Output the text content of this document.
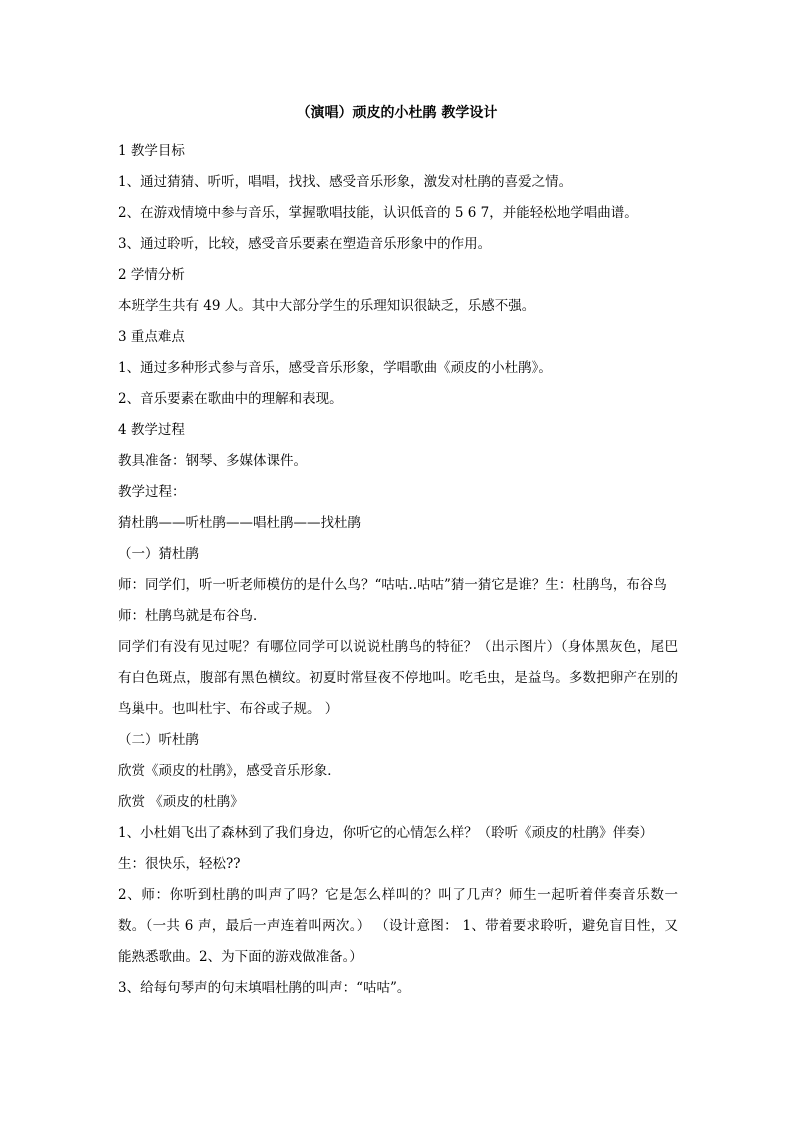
（演唱）顽皮的小杜鹃 教学设计

1 教学目标

1、通过猜猜、听听，唱唱，找找、感受音乐形象，激发对杜鹃的喜爱之情。

2、在游戏情境中参与音乐，掌握歌唱技能，认识低音的 5 6 7，并能轻松地学唱曲谱。

3、通过聆听，比较，感受音乐要素在塑造音乐形象中的作用。

2 学情分析

本班学生共有 49 人。其中大部分学生的乐理知识很缺乏，乐感不强。

3 重点难点

1、通过多种形式参与音乐，感受音乐形象，学唱歌曲《顽皮的小杜鹃》。

2、音乐要素在歌曲中的理解和表现。

4 教学过程

教具准备：钢琴、多媒体课件。

教学过程：

猜杜鹃——听杜鹃——唱杜鹃——找杜鹃

（一）猜杜鹃

师：同学们，听一听老师模仿的是什么鸟？“咕咕..咕咕”猜一猜它是谁？生：杜鹃鸟，布谷鸟

师：杜鹃鸟就是布谷鸟．

同学们有没有见过呢？有哪位同学可以说说杜鹃鸟的特征？（出示图片）（身体黑灰色，尾巴有白色斑点，腹部有黑色横纹。初夏时常昼夜不停地叫。吃毛虫，是益鸟。多数把卵产在别的鸟巢中。也叫杜宇、布谷或子规。 ）

（二）听杜鹃

欣赏《顽皮的杜鹃》，感受音乐形象．

欣赏 《顽皮的杜鹃》

1、小杜娟飞出了森林到了我们身边，你听它的心情怎么样？（聆听《顽皮的杜鹃》伴奏）

生：很快乐，轻松??

2、师：你听到杜鹃的叫声了吗？它是怎么样叫的？叫了几声？师生一起听着伴奏音乐数一数。（一共 6 声，最后一声连着叫两次。） （设计意图： 1、带着要求聆听，避免盲目性，又能熟悉歌曲。2、为下面的游戏做准备。）

3、给每句琴声的句末填唱杜鹃的叫声：“咕咕”。
